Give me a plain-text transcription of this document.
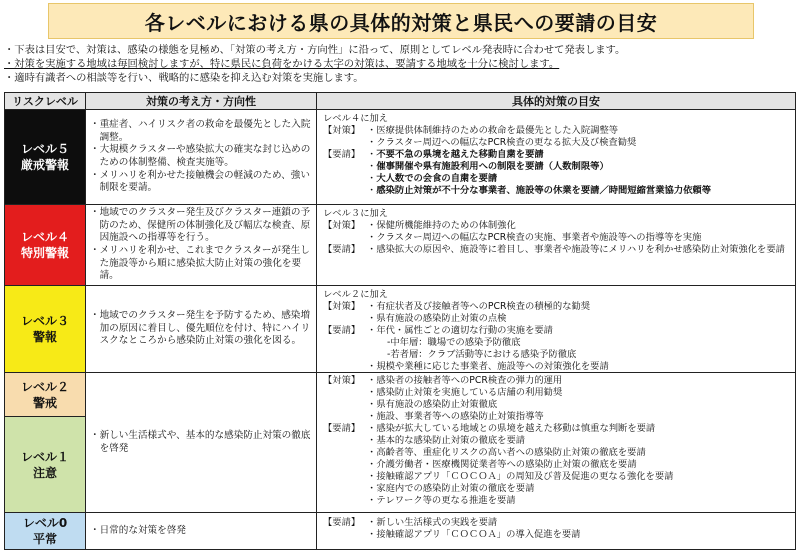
各レベルにおける県の具体的対策と県民への要請の目安
・下表は目安で、対策は、感染の様態を見極め、「対策の考え方・方向性」に沿って、原則としてレベル発表時に合わせて発表します。
・対策を実施する地域は毎回検討しますが、特に県民に負荷をかける太字の対策は、要請する地域を十分に検討します。
・適時有識者への相談等を行い、戦略的に感染を抑え込む対策を実施します。
リスクレベル	対策の考え方・方向性	具体的対策の目安
レベル５
厳戒警報
レベル４
特別警報
レベル３
警報
レベル２
警戒
レベル１
注意
レベル0
平常
・ 重症者、ハイリスク者の救命を最優先とした入院調整。
・ 大規模クラスターや感染拡大の確実な封じ込めのための体制整備、検査実施等。
・ メリハリを利かせた接触機会の軽減のため、強い制限を要請。
・ 地域でのクラスター発生及びクラスター連鎖の予防のため、保健所の体制強化及び幅広な検査、原因施設への指導等を行う。
・ メリハリを利かせ、これまでクラスターが発生した施設等から順に感染拡大防止対策の強化を要請。
・ 地域でのクラスター発生を予防するため、感染増加の原因に着目し、優先順位を付け、特にハイリスクなところから感染防止対策の強化を図る。
・ 新しい生活様式や、基本的な感染防止対策の徹底を啓発
・ 日常的な対策を啓発
レベル４に加え
【対策】 ・ 医療提供体制維持のための救命を最優先とした入院調整等
・ クラスター周辺への幅広なPCR検査の更なる拡大及び検査勧奨
【要請】 ・ 不要不急の県境を越えた移動自粛を要請
・ 催事開催や県有施設利用への制限を要請（人数制限等）
・ 大人数での会食の自粛を要請
・ 感染防止対策が不十分な事業者、施設等の休業を要請／時間短縮営業協力依頼等
レベル３に加え
【対策】 ・ 保健所機能維持のための体制強化
・ クラスター周辺への幅広なPCR検査の実施、事業者や施設等への指導等を実施
【要請】 ・ 感染拡大の原因や、施設等に着目し、事業者や施設等にメリハリを利かせ感染防止対策強化を要請
レベル２に加え
【対策】 ・ 有症状者及び接触者等へのPCR検査の積極的な勧奨
・ 県有施設の感染防止対策の点検
【要請】 ・ 年代・属性ごとの適切な行動の実施を要請
-中年層：職場での感染予防徹底
-若者層：クラブ活動等における感染予防徹底
・ 規模や業種に応じた事業者、施設等への対策強化を要請
【対策】 ・ 感染者の接触者等へのPCR検査の弾力的運用
・ 感染防止対策を実施している店舗の利用勧奨
・ 県有施設の感染防止対策徹底
・ 施設、事業者等への感染防止対策指導等
【要請】 ・ 感染が拡大している地域との県境を越えた移動は慎重な判断を要請
・ 基本的な感染防止対策の徹底を要請
・ 高齢者等、重症化リスクの高い者への感染防止対策の徹底を要請
・ 介護労働者・医療機関従業者等への感染防止対策の徹底を要請
・ 接触確認アプリ「ＣＯＣＯＡ」の周知及び普及促進の更なる強化を要請
・ 家庭内での感染防止対策の徹底を要請
・ テレワーク等の更なる推進を要請
【要請】 ・ 新しい生活様式の実践を要請
・ 接触確認アプリ「ＣＯＣＯＡ」の導入促進を要請
